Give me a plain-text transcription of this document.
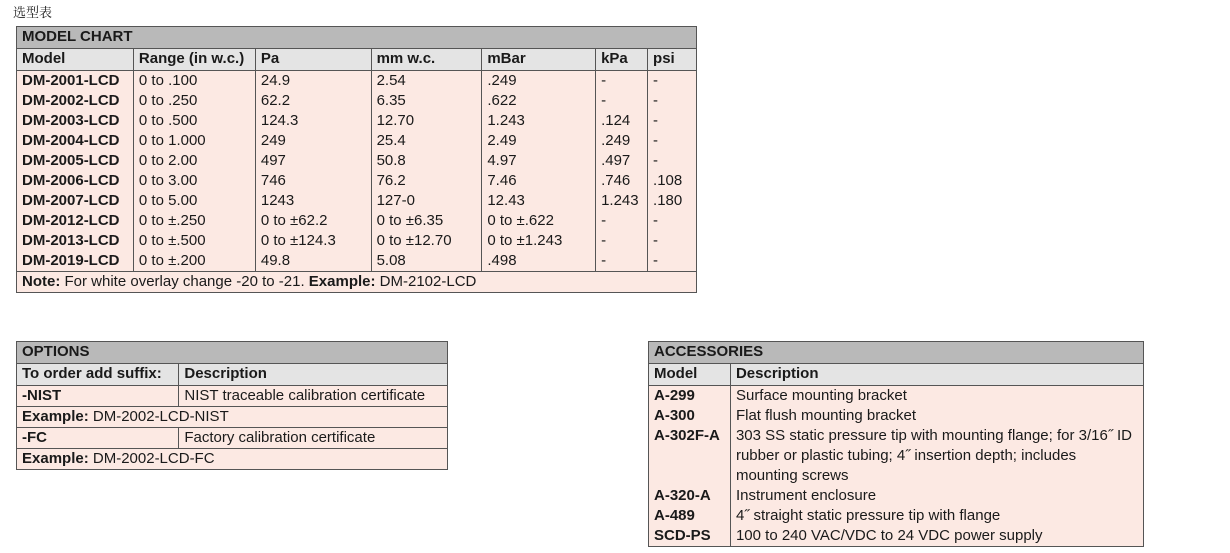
选型表
MODEL CHART						
Model	Range (in w.c.)	Pa	mm w.c.	mBar	kPa	psi
DM-2001-LCD	0 to .100	24.9	2.54	.249	-	-
DM-2002-LCD	0 to .250	62.2	6.35	.622	-	-
DM-2003-LCD	0 to .500	124.3	12.70	1.243	.124	-
DM-2004-LCD	0 to 1.000	249	25.4	2.49	.249	-
DM-2005-LCD	0 to 2.00	497	50.8	4.97	.497	-
DM-2006-LCD	0 to 3.00	746	76.2	7.46	.746	.108
DM-2007-LCD	0 to 5.00	1243	127-0	12.43	1.243	.180
DM-2012-LCD	0 to ±.250	0 to ±62.2	0 to ±6.35	0 to ±.622	-	-
DM-2013-LCD	0 to ±.500	0 to ±124.3	0 to ±12.70	0 to ±1.243	-	-
DM-2019-LCD	0 to ±.200	49.8	5.08	.498	-	-
Note: For white overlay change -20 to -21. Example: DM-2102-LCD						
OPTIONS	
To order add suffix:	Description
-NIST	NIST traceable calibration certificate
Example: DM-2002-LCD-NIST	
-FC	Factory calibration certificate
Example: DM-2002-LCD-FC	
ACCESSORIES	
Model	Description
A-299	Surface mounting bracket
A-300	Flat flush mounting bracket
A-302F-A	303 SS static pressure tip with mounting flange; for 3/16˝ ID rubber or plastic tubing; 4˝ insertion depth; includes mounting screws
A-320-A	Instrument enclosure
A-489	4˝ straight static pressure tip with flange
SCD-PS	100 to 240 VAC/VDC to 24 VDC power supply
